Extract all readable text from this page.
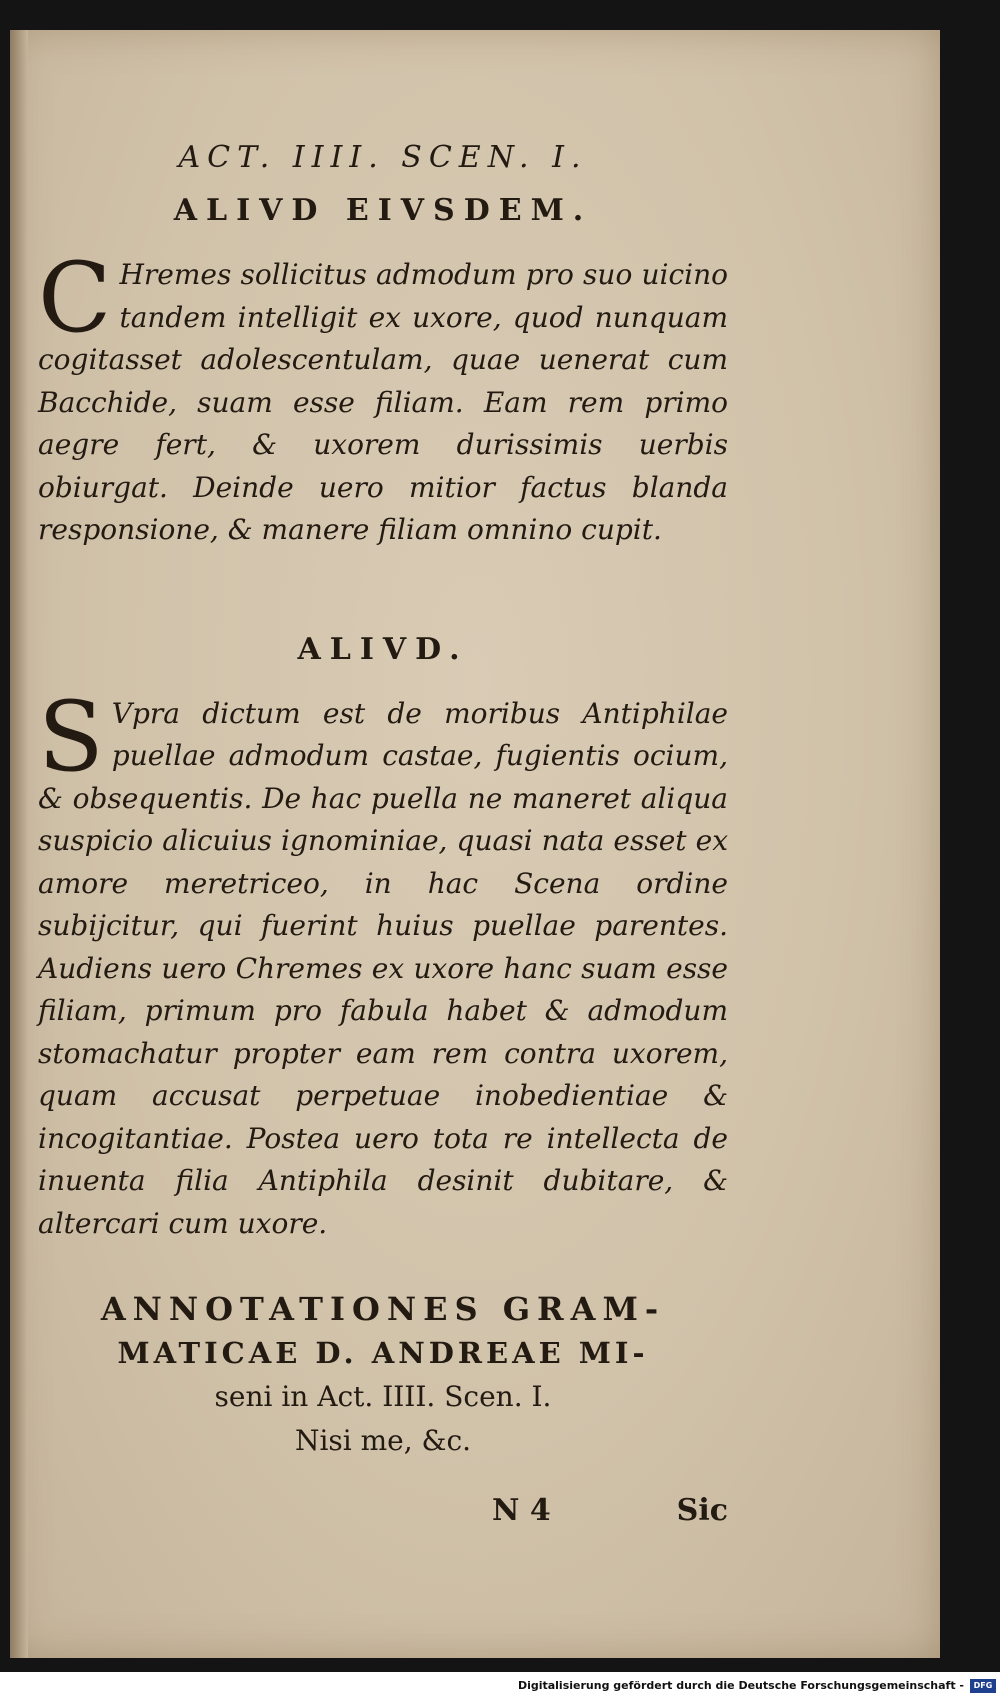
ACT. IIII. SCEN. I.
ALIVD EIVSDEM.

C Hremes sollicitus admodum pro suo uicino tandem intelligit ex uxore, quod nunquam cogitasset adolescentulam, quae uenerat cum Bacchide, suam esse filiam. Eam rem primo aegre fert, & uxorem durissimis uerbis obiurgat. Deinde uero mitior factus blanda responsione, & manere filiam omnino cupit.

ALIVD.

S Vpra dictum est de moribus Antiphilae puellae admodum castae, fugientis ocium, & obsequentis. De hac puella ne maneret aliqua suspicio alicuius ignominiae, quasi nata esset ex amore meretriceo, in hac Scena ordine subijcitur, qui fuerint huius puellae parentes. Audiens uero Chremes ex uxore hanc suam esse filiam, primum pro fabula habet & admodum stomachatur propter eam rem contra uxorem, quam accusat perpetuae inobedientiae & incogitantiae. Postea uero tota re intellecta de inuenta filia Antiphila desinit dubitare, & altercari cum uxore.

ANNOTATIONES GRAM-
MATICAE D. ANDREAE MI-
seni in Act. IIII. Scen. I.
Nisi me, &c.
N 4	Sic
Digitalisierung gefördert durch die Deutsche Forschungsgemeinschaft -	DFG
